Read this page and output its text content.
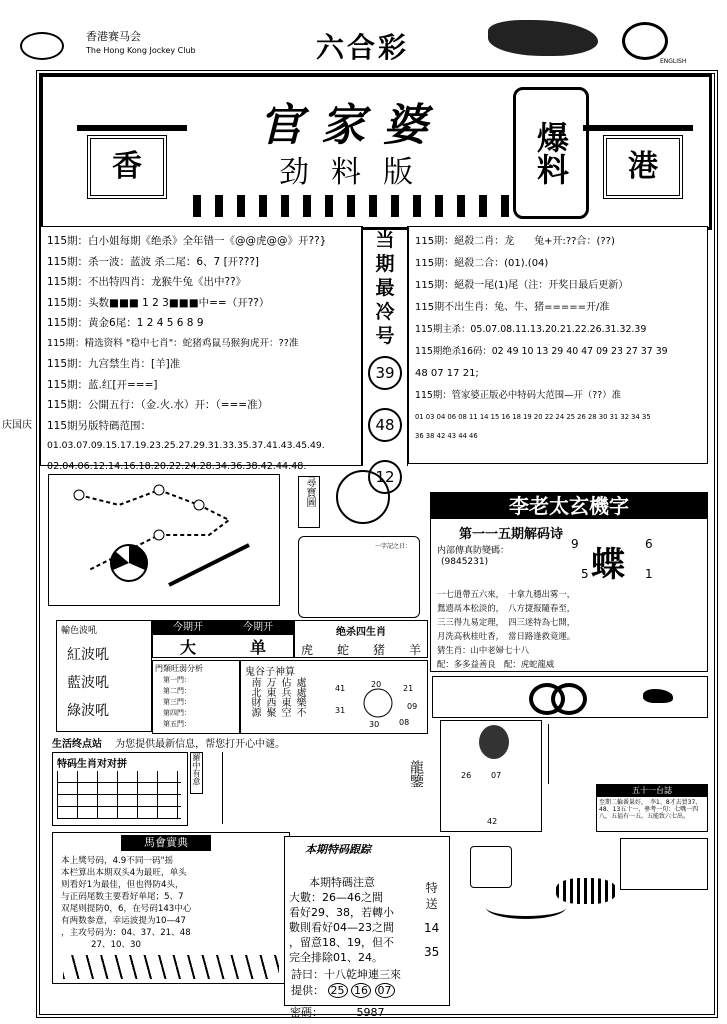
香港赛马会
The Hong Kong Jockey Club	六合彩	ENGLISH
香
官家婆
劲料版	爆料	港
庆国庆
115期：白小姐每期《绝杀》全年错一《@@虎@@》开??}
115期：杀一波：蓝波 杀二尾：6、7 [开???]
115期：不出特四肖：龙猴牛兔《出中??》
115期：头数■■■ 1 2 3■■■中==（开??）
115期：黄金6尾：1 2 4 5 6 8 9
115期：精选资料 "稳中七肖"：蛇猪鸡鼠马猴狗虎开：??准
115期：九宫禁生肖：[羊]准
115期：蓝.红[开===]
115期：公開五行：（金.火.水）开：（===准）
115期另版特碼范围：
01.03.07.09.15.17.19.23.25.27.29.31.33.35.37.41.43.45.49.
02.04.06.12.14.16.18.20.22.24.28.34.36.38.42.44.48.
当
期
最
冷
号
39
48
12
115期：絕殺二肖：龙　　兔+开:??合：(??)
115期：絕殺二合：(01).(04)
115期：絕殺一尾(1)尾（注：开奖日最后更新）
115期不出生肖：兔、牛、猪=====开/准
115期主杀：05.07.08.11.13.20.21.22.26.31.32.39
115期绝杀16码：02 49 10 13 29 40 47 09 23 27 37 39
48 07 17 21;
115期：管家婆正版必中特码大范围—开（??）准
01 03 04 06 08 11 14 15 16 18 19 20 22 24 25 26 28 30 31 32 34 35
36 38 42 43 44 46
尋寶圖
一字記之日：
李老太玄機字
第一一五期解码诗
内部傳真防變碼：
(9845231)
9
蝶
6
5	1
一七逍帶五六來，　十拿九穩出雾一，
鴛遗鬲本松淡的，　八方捷报隨春至，
三三得九易定理，　四三迷特為七開，
月洗高秋桂吐香，　當日路逢救竟運。
猜生肖：山中老婦七十八
配：多多益善良　配：虎蛇龍威
輸色波吼
紅波吼
藍波吼
綠波吼
今期开	今期开
大	单
绝杀四生肖
虎 蛇 猪 羊
門類旺弱分析
第一門：
第二門：
第三門：
第四門：
第五門：
鬼谷子神算
處處樂不 佔兵東空 万東西聚 南北財源	41	20	21
09
31
30 08
26 07
42
五十一台誌
至期二輪番巢好，　李1、8才去買37、48、13五十一，參考一句：七嘴一四八，五福有一五。五能致六七出。
生活终点站 为您提供最新信息，帮您打开心中谜。
特码生肖对对拼	羅中有意	龍鑒
馬會實典
本上獎号码，4.9不同一码"摇
本栏算出本期双头4为最旺，单头
则看好1为最佳，但也得防4头，
与正码尾数主要看好单尾；5、7
双尾则提防0，6，在号码143中心
有两数参意，幸运波提为10—47
，主攻号码为：04、37、21、48
27、10、30
本期特码跟踪
本期特碼注意
大數：26—46之間
看好29、38，若轉小
數則看好04—23之間
，留意18、19，但不
完全排除01、24。
詩曰：十八乾坤連三來
提供： 25 16 07
特
送
14
35
密碼：	5987
